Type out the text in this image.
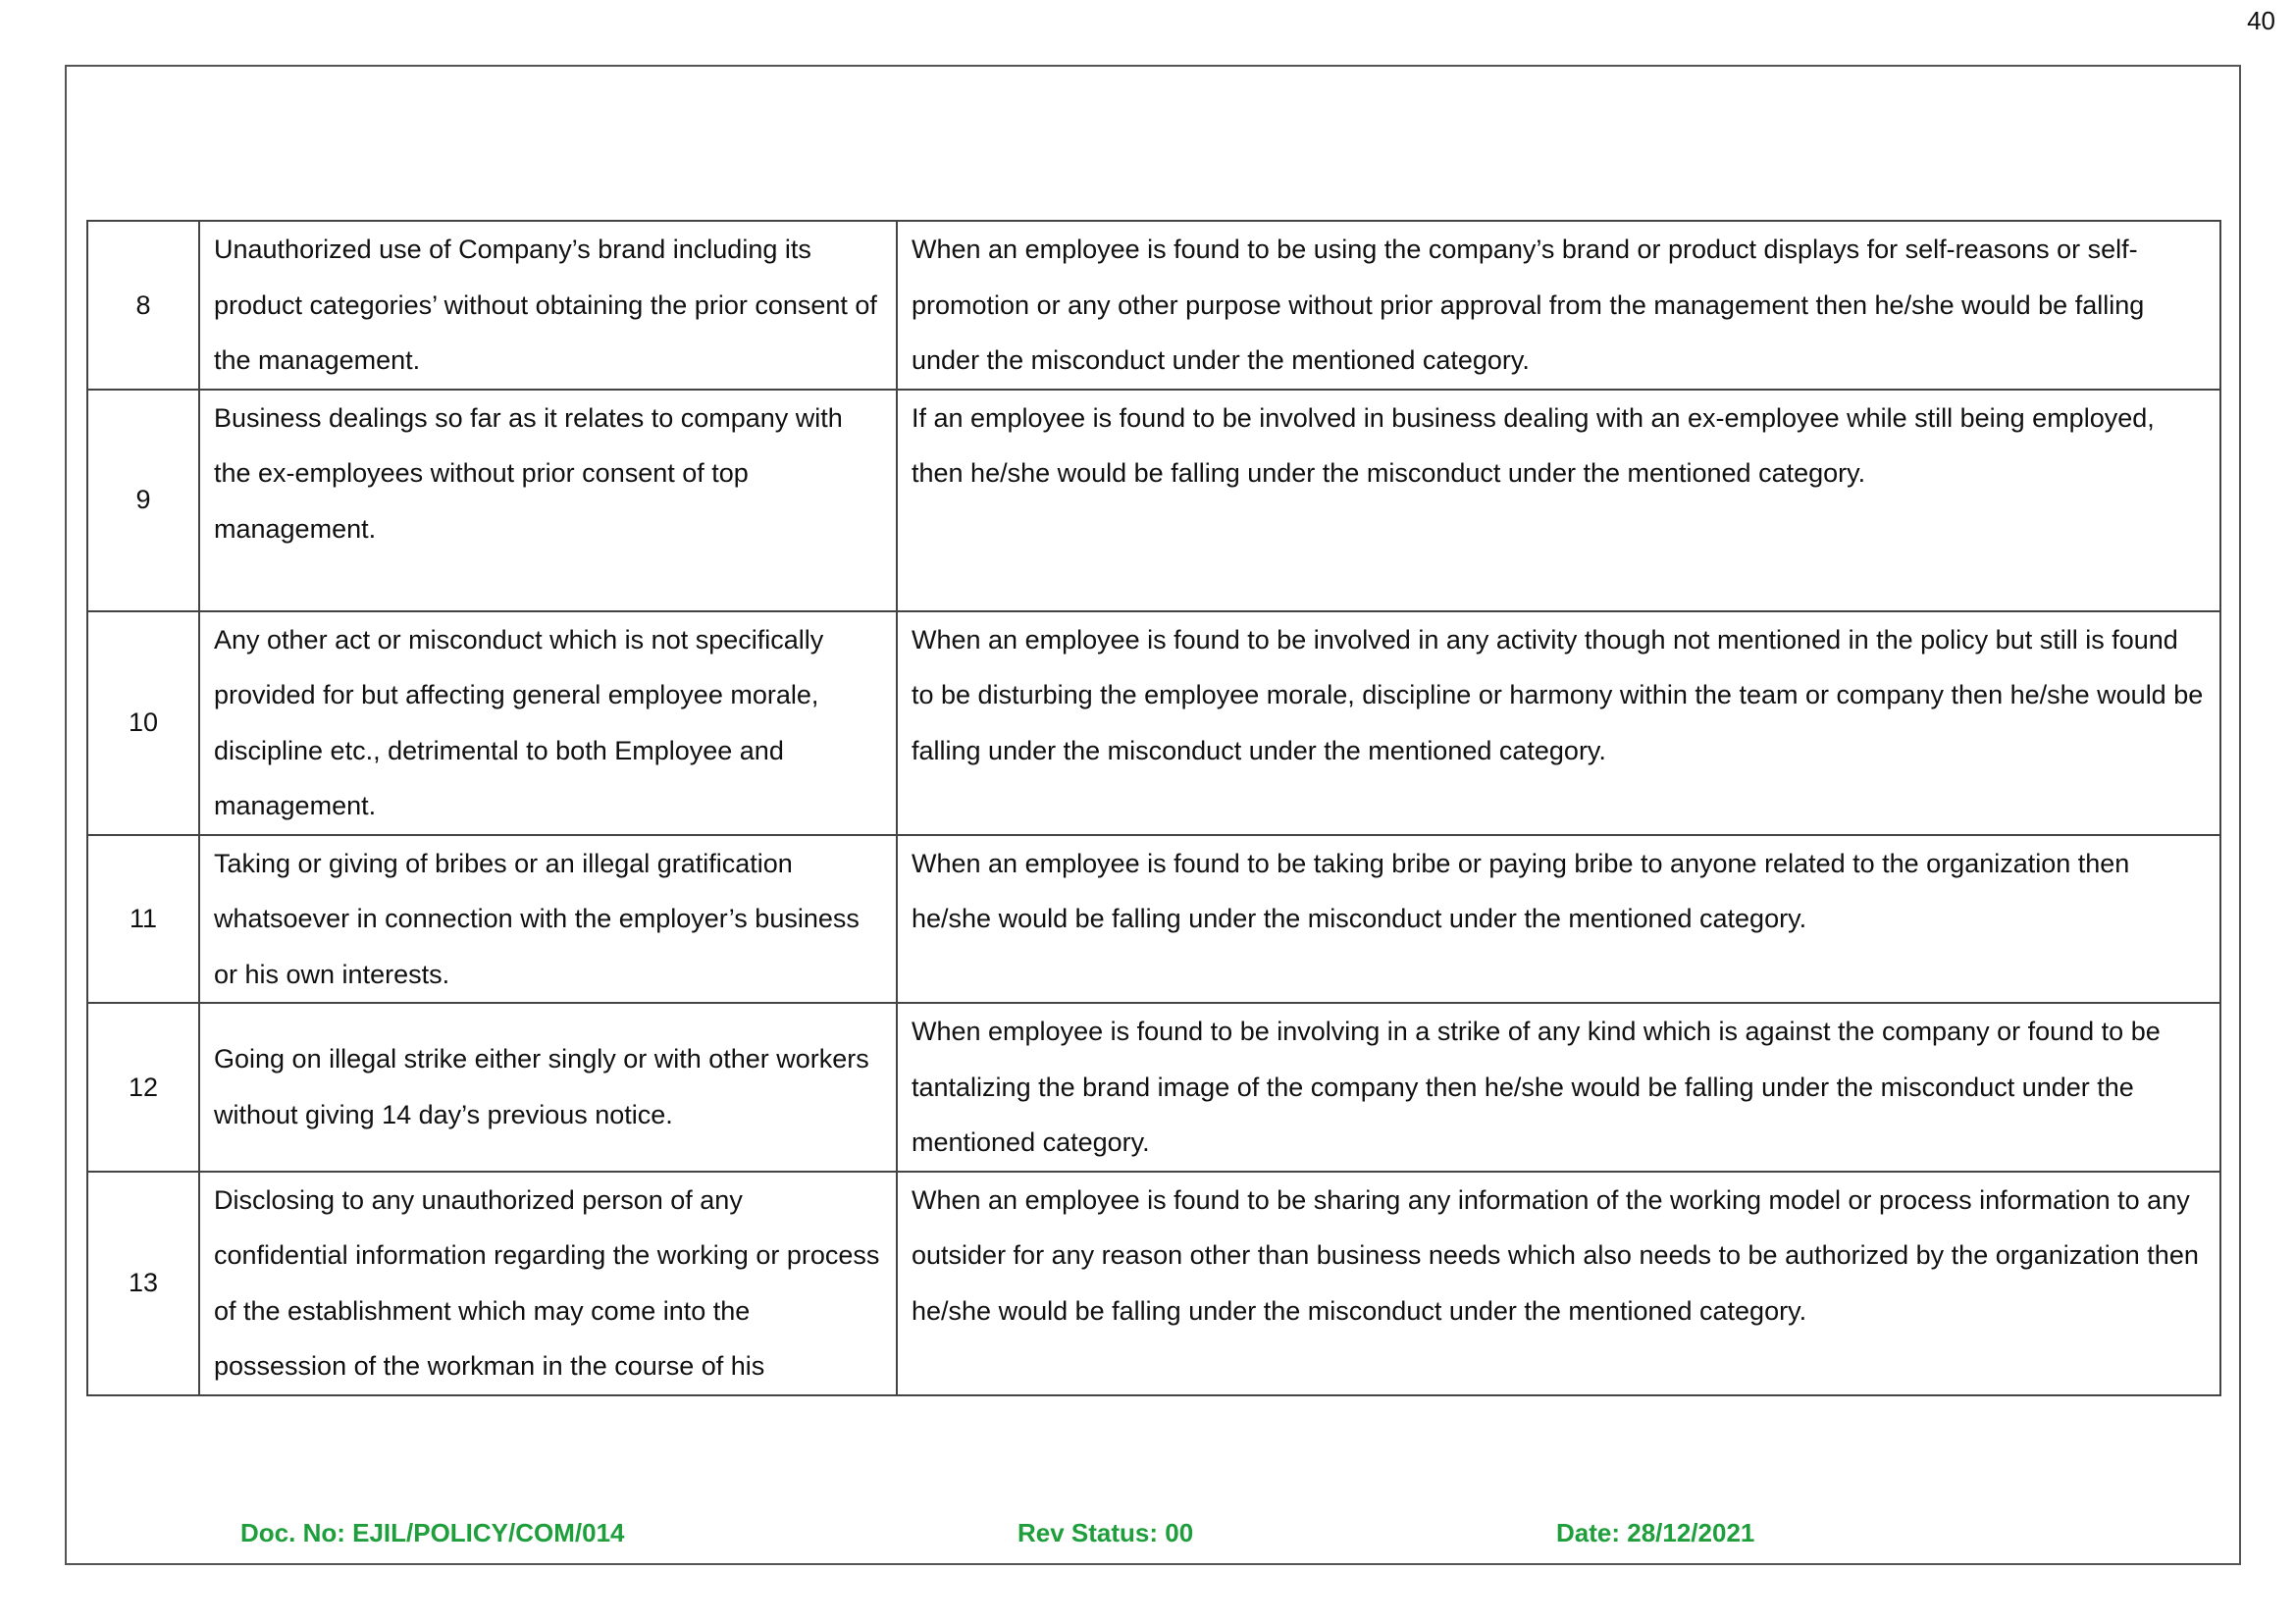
40
8	Unauthorized use of Company’s brand including its product categories’ without obtaining the prior consent of the management.	When an employee is found to be using the company’s brand or product displays for self-reasons or self-promotion or any other purpose without prior approval from the management then he/she would be falling under the misconduct under the mentioned category.
9	Business dealings so far as it relates to company with the ex-employees without prior consent of top management.	If an employee is found to be involved in business dealing with an ex-employee while still being employed, then he/she would be falling under the misconduct under the mentioned category.
10	Any other act or misconduct which is not specifically provided for but affecting general employee morale, discipline etc., detrimental to both Employee and management.	When an employee is found to be involved in any activity though not mentioned in the policy but still is found to be disturbing the employee morale, discipline or harmony within the team or company then he/she would be falling under the misconduct under the mentioned category.
11	Taking or giving of bribes or an illegal gratification whatsoever in connection with the employer’s business or his own interests.	When an employee is found to be taking bribe or paying bribe to anyone related to the organization then he/she would be falling under the misconduct under the mentioned category.
12	Going on illegal strike either singly or with other workers without giving 14 day’s previous notice.	When employee is found to be involving in a strike of any kind which is against the company or found to be tantalizing the brand image of the company then he/she would be falling under the misconduct under the mentioned category.
13	Disclosing to any unauthorized person of any confidential information regarding the working or process of the establishment which may come into the possession of the workman in the course of his	When an employee is found to be sharing any information of the working model or process information to any outsider for any reason other than business needs which also needs to be authorized by the organization then he/she would be falling under the misconduct under the mentioned category.
Doc. No: EJIL/POLICY/COM/014	Rev Status: 00	Date: 28/12/2021
